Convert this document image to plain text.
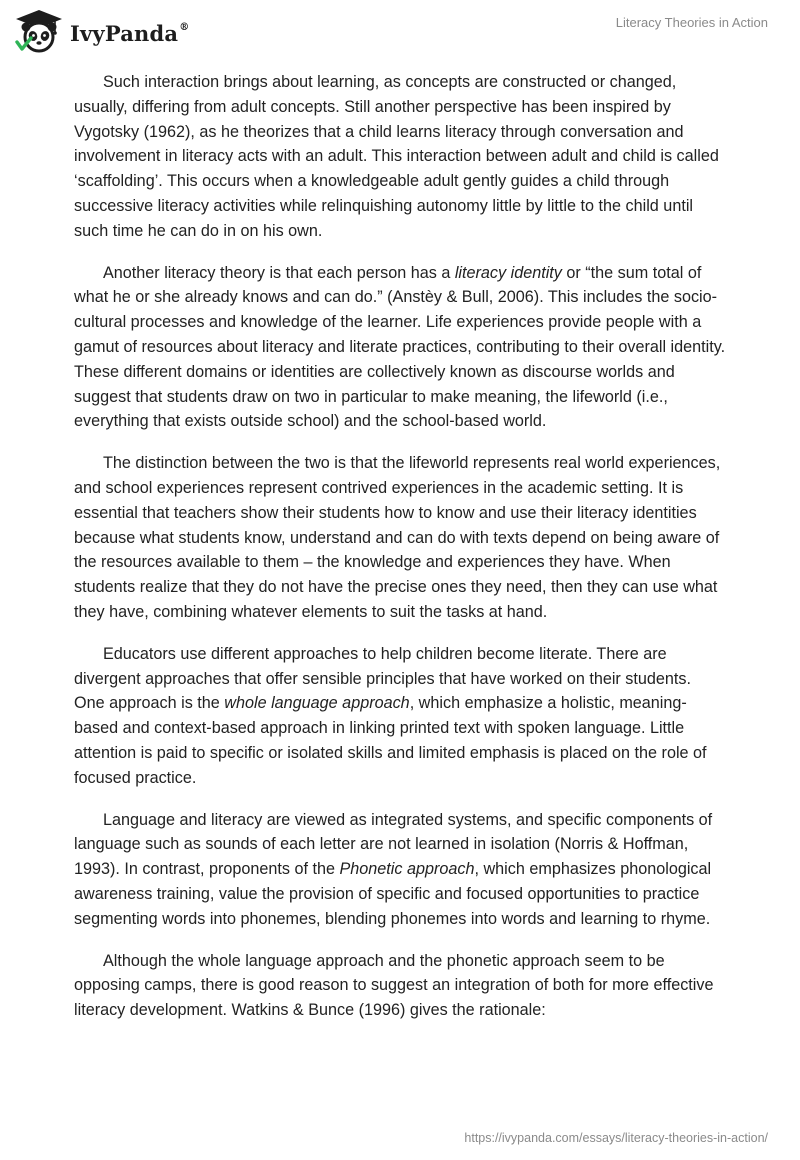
IvyPanda®	Literacy Theories in Action

Such interaction brings about learning, as concepts are constructed or changed, usually, differing from adult concepts. Still another perspective has been inspired by Vygotsky (1962), as he theorizes that a child learns literacy through conversation and involvement in literacy acts with an adult. This interaction between adult and child is called ‘scaffolding’. This occurs when a knowledgeable adult gently guides a child through successive literacy activities while relinquishing autonomy little by little to the child until such time he can do in on his own.

Another literacy theory is that each person has a literacy identity or “the sum total of what he or she already knows and can do.” (Anstèy & Bull, 2006). This includes the socio-cultural processes and knowledge of the learner. Life experiences provide people with a gamut of resources about literacy and literate practices, contributing to their overall identity. These different domains or identities are collectively known as discourse worlds and suggest that students draw on two in particular to make meaning, the lifeworld (i.e., everything that exists outside school) and the school-based world.

The distinction between the two is that the lifeworld represents real world experiences, and school experiences represent contrived experiences in the academic setting. It is essential that teachers show their students how to know and use their literacy identities because what students know, understand and can do with texts depend on being aware of the resources available to them – the knowledge and experiences they have. When students realize that they do not have the precise ones they need, then they can use what they have, combining whatever elements to suit the tasks at hand.

Educators use different approaches to help children become literate. There are divergent approaches that offer sensible principles that have worked on their students. One approach is the whole language approach, which emphasize a holistic, meaning-based and context-based approach in linking printed text with spoken language. Little attention is paid to specific or isolated skills and limited emphasis is placed on the role of focused practice.

Language and literacy are viewed as integrated systems, and specific components of language such as sounds of each letter are not learned in isolation (Norris & Hoffman, 1993). In contrast, proponents of the Phonetic approach, which emphasizes phonological awareness training, value the provision of specific and focused opportunities to practice segmenting words into phonemes, blending phonemes into words and learning to rhyme.

Although the whole language approach and the phonetic approach seem to be opposing camps, there is good reason to suggest an integration of both for more effective literacy development. Watkins & Bunce (1996) gives the rationale:

https://ivypanda.com/essays/literacy-theories-in-action/
